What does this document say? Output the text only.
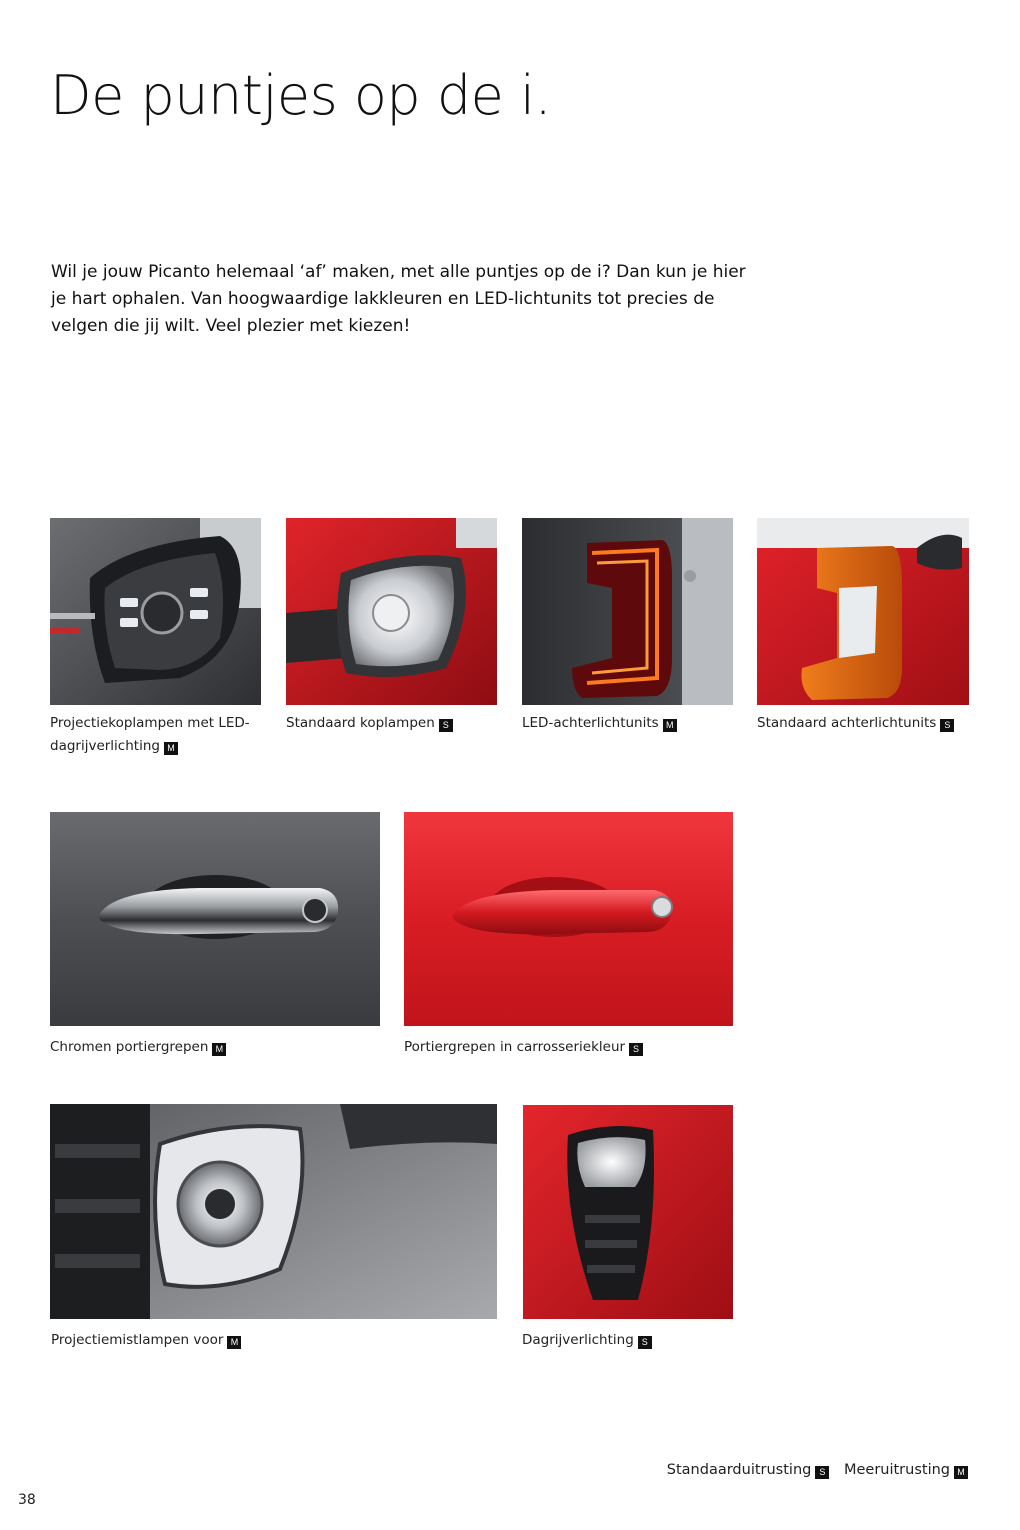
De puntjes op de i.

Wil je jouw Picanto helemaal ‘af’ maken, met alle puntjes op de i? Dan kun je hier je hart ophalen. Van hoogwaardige lakkleuren en LED-lichtunits tot precies de velgen die jij wilt. Veel plezier met kiezen!

Projectiekoplampen met LED-dagrijverlichting M
Standaard koplampen S	LED-achterlichtunits M	Standaard achterlichtunits S
Chromen portiergrepen M	Portiergrepen in carrosseriekleur S
Projectiemistlampen voor M	Dagrijverlichting S
Standaarduitrusting S Meeruitrusting M
38
